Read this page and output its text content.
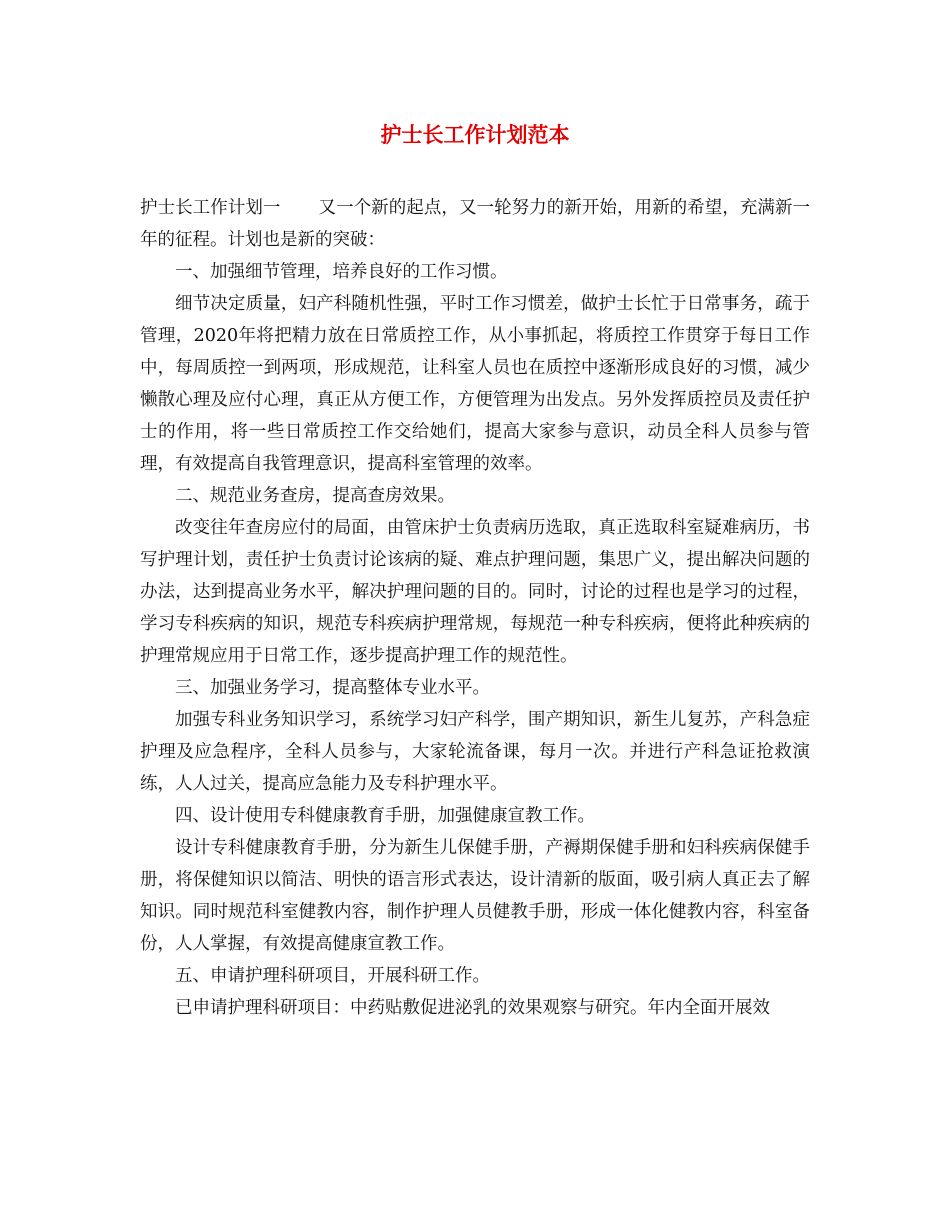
护士长工作计划范本

护士长工作计划一 又一个新的起点，又一轮努力的新开始，用新的希望，充满新一年的征程。计划也是新的突破：

一、加强细节管理，培养良好的工作习惯。

细节决定质量，妇产科随机性强，平时工作习惯差，做护士长忙于日常事务，疏于管理，2020年将把精力放在日常质控工作，从小事抓起，将质控工作贯穿于每日工作中，每周质控一到两项，形成规范，让科室人员也在质控中逐渐形成良好的习惯，减少懒散心理及应付心理，真正从方便工作，方便管理为出发点。另外发挥质控员及责任护士的作用，将一些日常质控工作交给她们，提高大家参与意识，动员全科人员参与管理，有效提高自我管理意识，提高科室管理的效率。

二、规范业务查房，提高查房效果。

改变往年查房应付的局面，由管床护士负责病历选取，真正选取科室疑难病历，书写护理计划，责任护士负责讨论该病的疑、难点护理问题，集思广义，提出解决问题的办法，达到提高业务水平，解决护理问题的目的。同时，讨论的过程也是学习的过程，学习专科疾病的知识，规范专科疾病护理常规，每规范一种专科疾病，便将此种疾病的护理常规应用于日常工作，逐步提高护理工作的规范性。

三、加强业务学习，提高整体专业水平。

加强专科业务知识学习，系统学习妇产科学，围产期知识，新生儿复苏，产科急症护理及应急程序，全科人员参与，大家轮流备课，每月一次。并进行产科急证抢救演练，人人过关，提高应急能力及专科护理水平。

四、设计使用专科健康教育手册，加强健康宣教工作。

设计专科健康教育手册，分为新生儿保健手册，产褥期保健手册和妇科疾病保健手册，将保健知识以简洁、明快的语言形式表达，设计清新的版面，吸引病人真正去了解知识。同时规范科室健教内容，制作护理人员健教手册，形成一体化健教内容，科室备份，人人掌握，有效提高健康宣教工作。

五、申请护理科研项目，开展科研工作。

已申请护理科研项目：中药贴敷促进泌乳的效果观察与研究。年内全面开展效
